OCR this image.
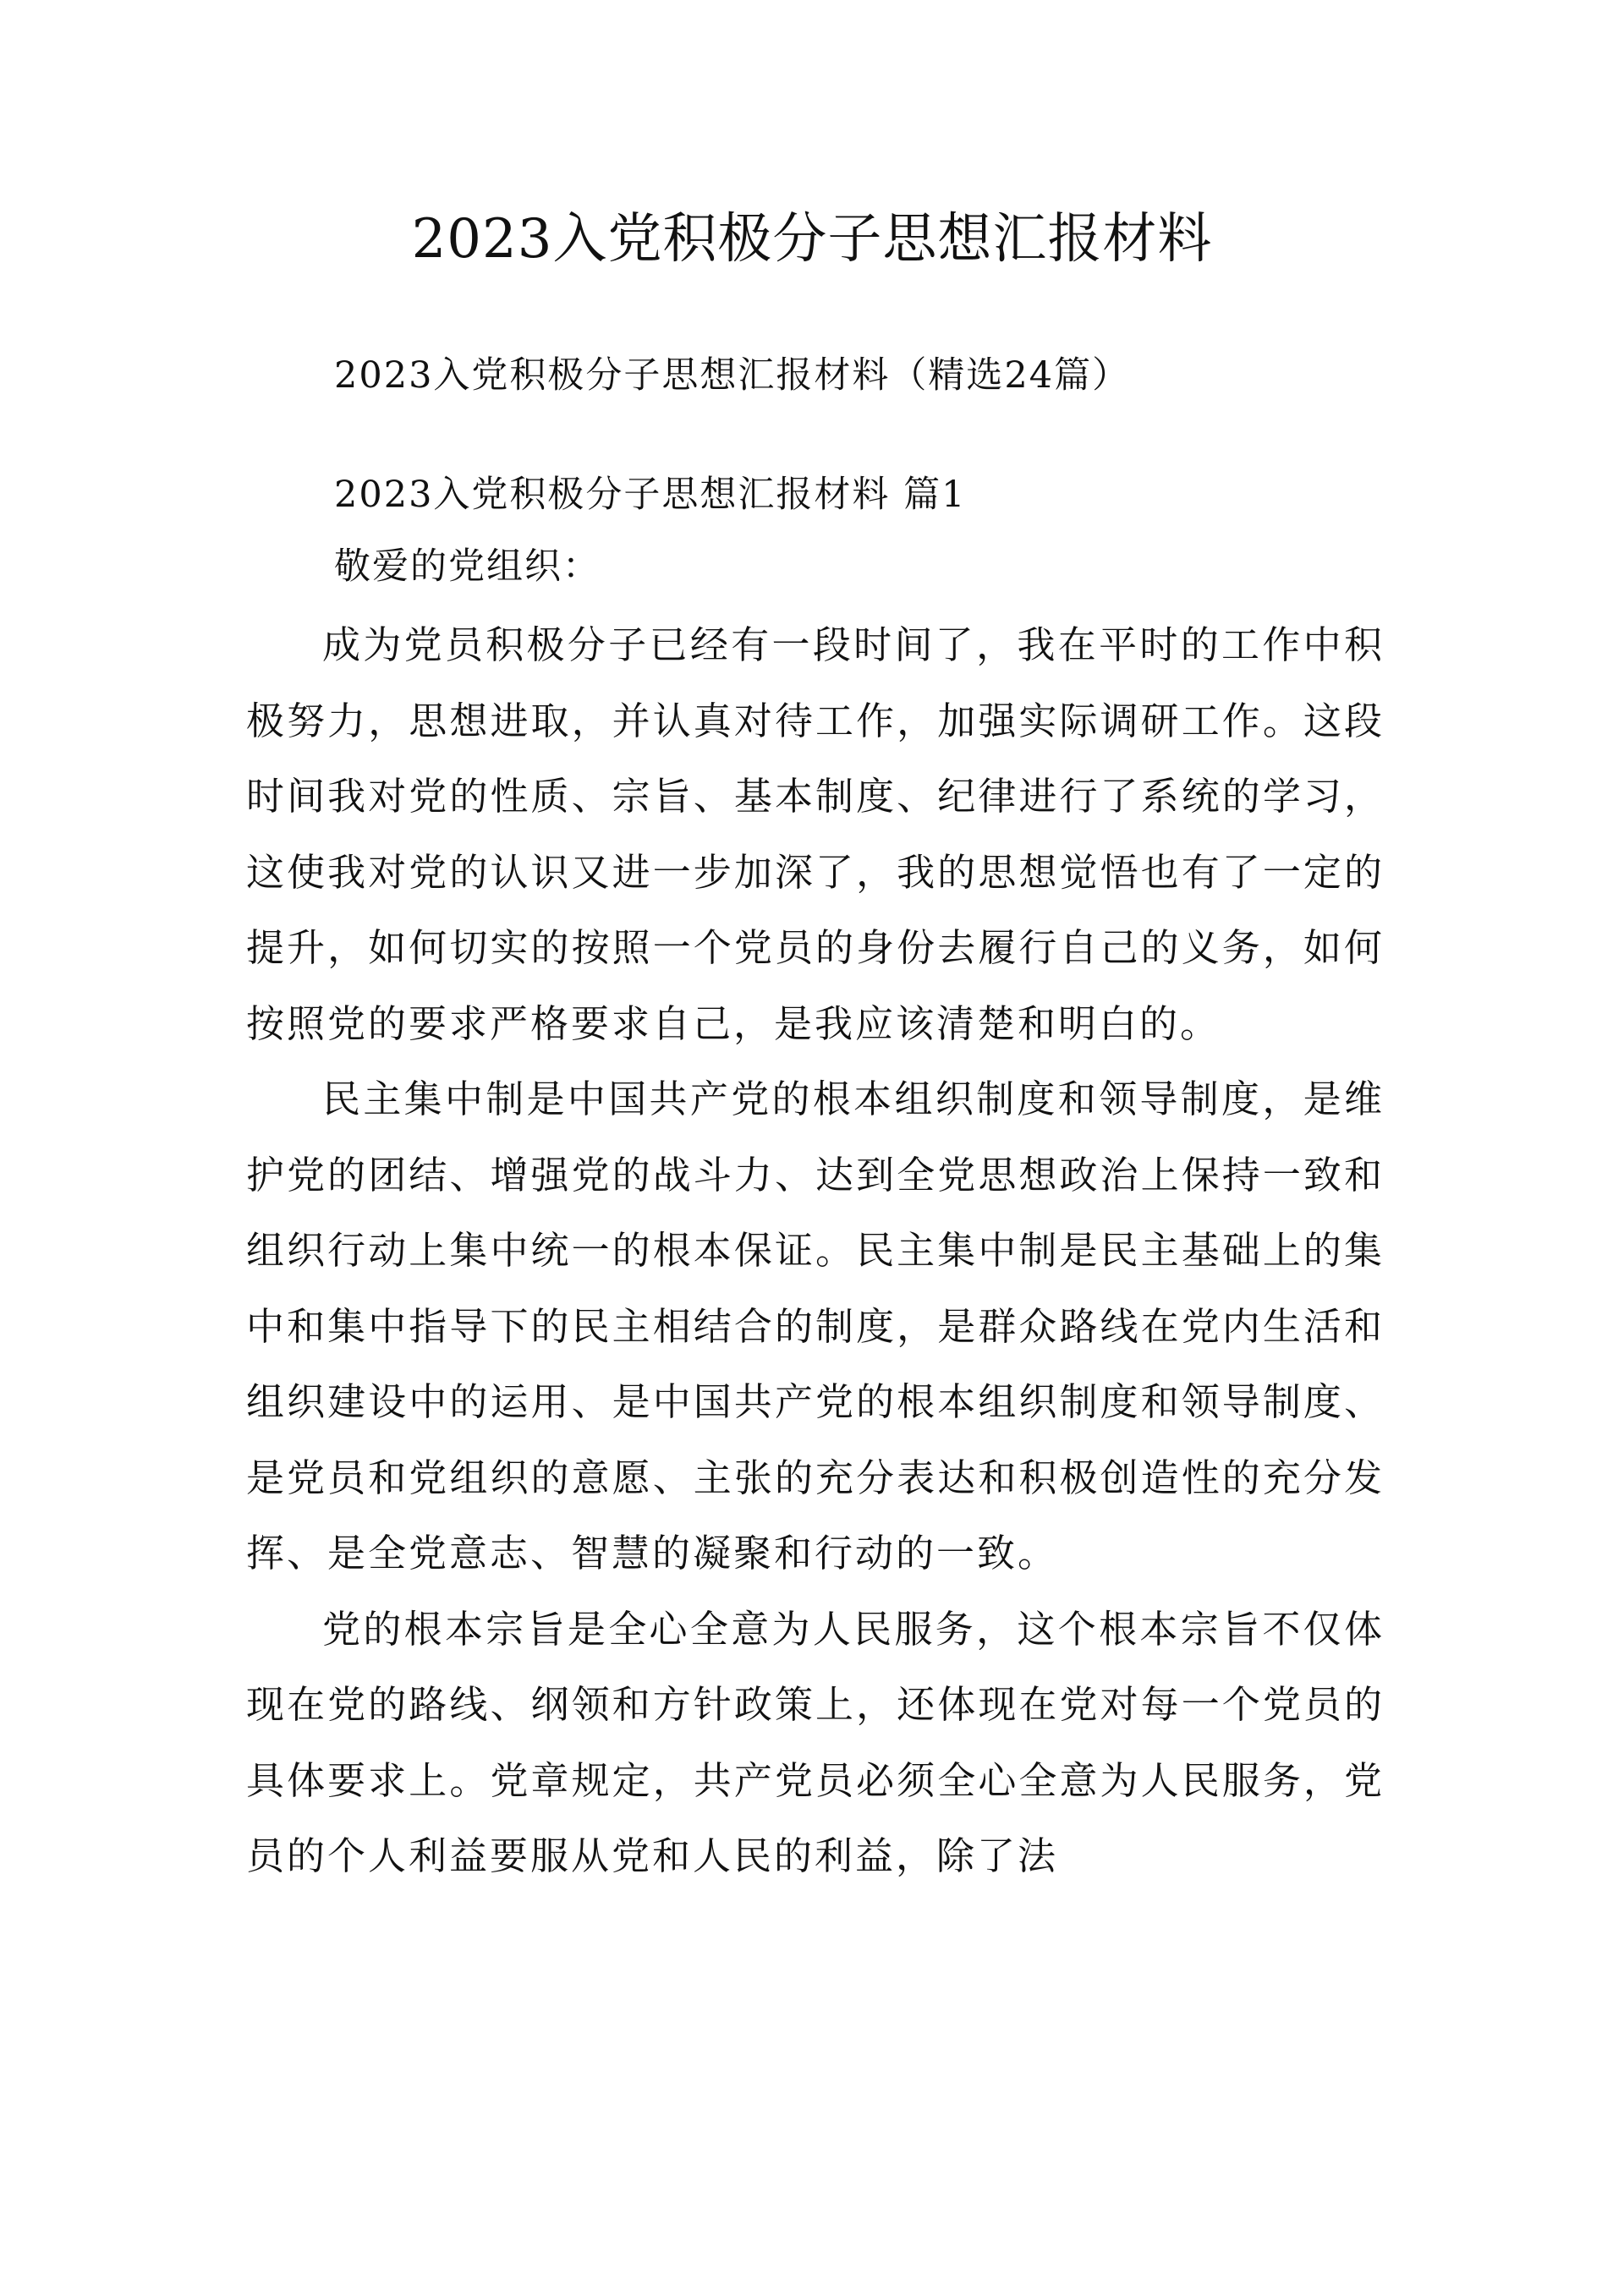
2023入党积极分子思想汇报材料
2023入党积极分子思想汇报材料（精选24篇）
2023入党积极分子思想汇报材料 篇1
敬爱的党组织：

成为党员积极分子已经有一段时间了，我在平时的工作中积极努力，思想进取，并认真对待工作，加强实际调研工作。这段时间我对党的性质、宗旨、基本制度、纪律进行了系统的学习，这使我对党的认识又进一步加深了，我的思想觉悟也有了一定的提升，如何切实的按照一个党员的身份去履行自己的义务，如何按照党的要求严格要求自己，是我应该清楚和明白的。

民主集中制是中国共产党的根本组织制度和领导制度，是维护党的团结、增强党的战斗力、达到全党思想政治上保持一致和组织行动上集中统一的根本保证。民主集中制是民主基础上的集中和集中指导下的民主相结合的制度，是群众路线在党内生活和组织建设中的运用、是中国共产党的根本组织制度和领导制度、是党员和党组织的意愿、主张的充分表达和积极创造性的充分发挥、是全党意志、智慧的凝聚和行动的一致。

党的根本宗旨是全心全意为人民服务，这个根本宗旨不仅体现在党的路线、纲领和方针政策上，还体现在党对每一个党员的具体要求上。党章规定，共产党员必须全心全意为人民服务，党员的个人利益要服从党和人民的利益，除了法
